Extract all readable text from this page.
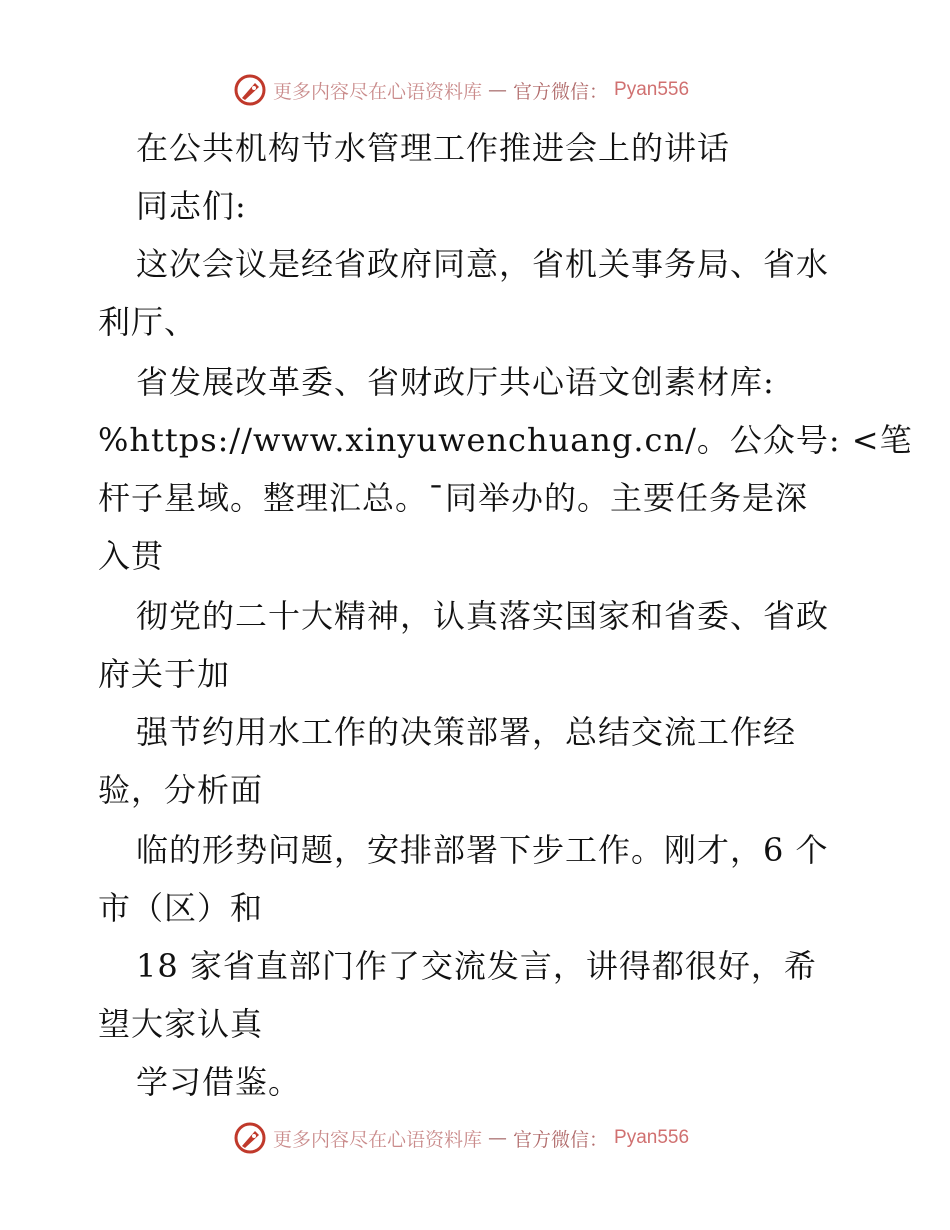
更多内容尽在心语资料库 — 官方微信： Pyan556
在公共机构节水管理工作推进会上的讲话
同志们:
这次会议是经省政府同意，省机关事务局、省水
利厅、
省发展改革委、省财政厅共心语文创素材库:
%https://www.xinyuwenchuang.cn/。公众号: <笔
杆子星域。整理汇总。¯同举办的。主要任务是深
入贯
彻党的二十大精神，认真落实国家和省委、省政
府关于加
强节约用水工作的决策部署，总结交流工作经
验，分析面
临的形势问题，安排部署下步工作。刚才，6 个
市（区）和
18 家省直部门作了交流发言，讲得都很好，希
望大家认真
学习借鉴。
更多内容尽在心语资料库 — 官方微信： Pyan556
